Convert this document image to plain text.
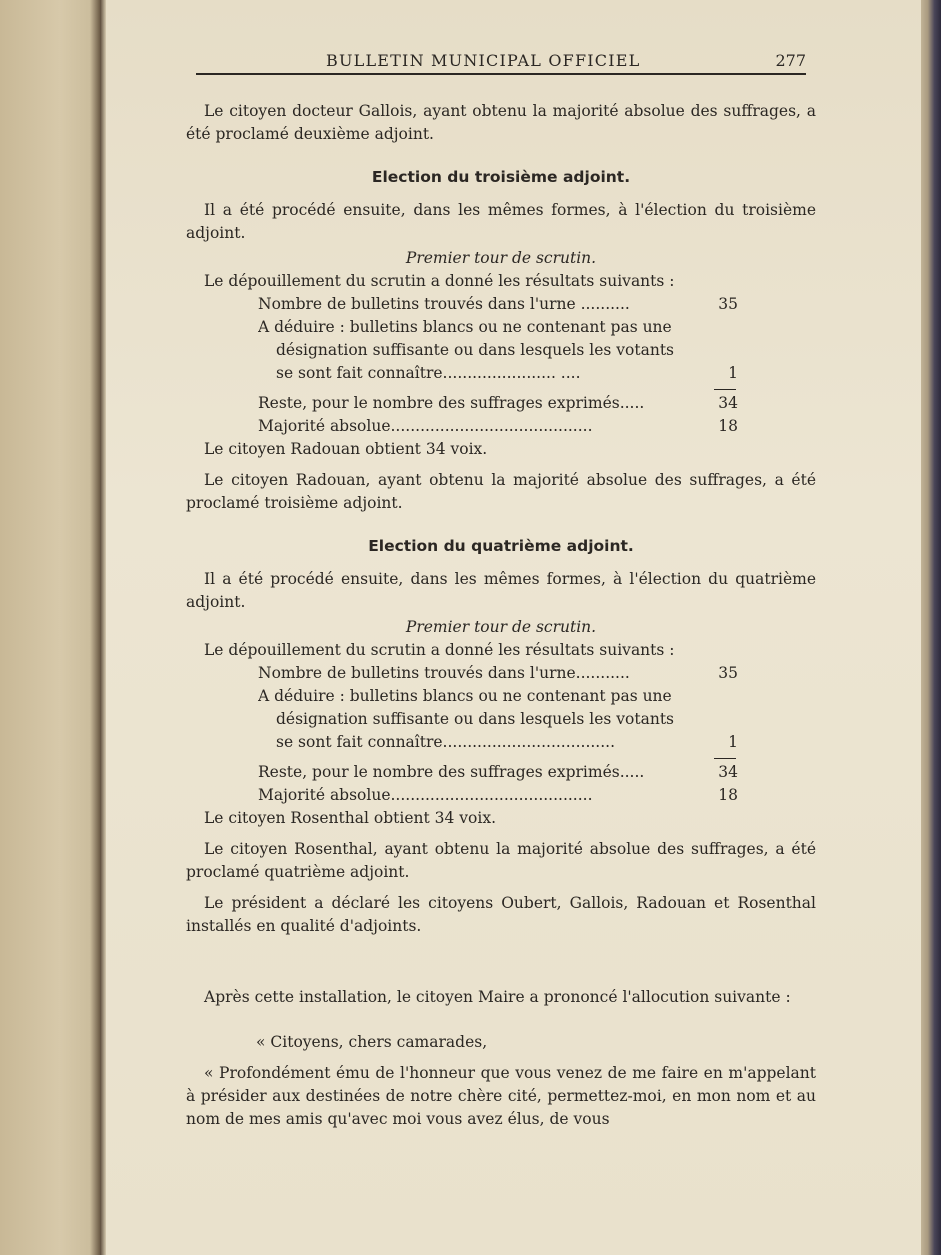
BULLETIN MUNICIPAL OFFICIEL	277

Le citoyen docteur Gallois, ayant obtenu la majorité absolue des suffrages, a été proclamé deuxième adjoint.

Election du troisième adjoint.

Il a été procédé ensuite, dans les mêmes formes, à l'élection du troisième adjoint.

Premier tour de scrutin.

Le dépouillement du scrutin a donné les résultats suivants :

Nombre de bulletins trouvés dans l'urne ..........	35
A déduire : bulletins blancs ou ne contenant pas une
désignation suffisante ou dans lesquels les votants
se sont fait connaître....................... ....	1
Reste, pour le nombre des suffrages exprimés.....	34
Majorité absolue.........................................	18

Le citoyen Radouan obtient 34 voix.

Le citoyen Radouan, ayant obtenu la majorité absolue des suffrages, a été proclamé troisième adjoint.

Election du quatrième adjoint.

Il a été procédé ensuite, dans les mêmes formes, à l'élection du quatrième adjoint.

Premier tour de scrutin.

Le dépouillement du scrutin a donné les résultats suivants :

Nombre de bulletins trouvés dans l'urne...........	35
A déduire : bulletins blancs ou ne contenant pas une
désignation suffisante ou dans lesquels les votants
se sont fait connaître...................................	1
Reste, pour le nombre des suffrages exprimés.....	34
Majorité absolue.........................................	18

Le citoyen Rosenthal obtient 34 voix.

Le citoyen Rosenthal, ayant obtenu la majorité absolue des suffrages, a été proclamé quatrième adjoint.

Le président a déclaré les citoyens Oubert, Gallois, Radouan et Rosenthal installés en qualité d'adjoints.

Après cette installation, le citoyen Maire a prononcé l'allocution suivante :

« Citoyens, chers camarades,

« Profondément ému de l'honneur que vous venez de me faire en m'appelant à présider aux destinées de notre chère cité, permettez-moi, en mon nom et au nom de mes amis qu'avec moi vous avez élus, de vous
